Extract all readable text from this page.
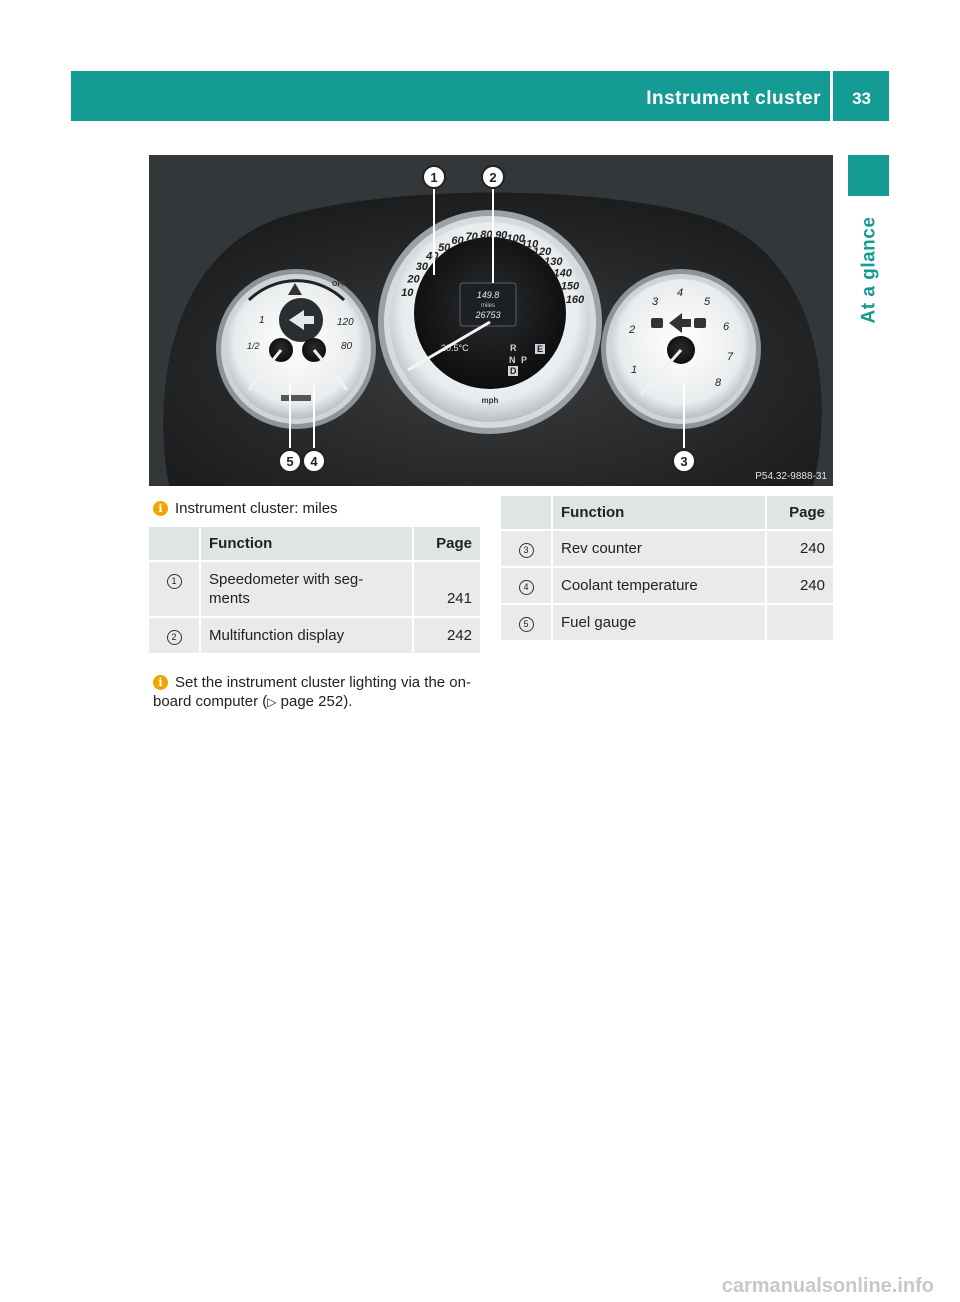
Instrument cluster 33
At a glance
OFF
1
1/2
120
80
1
2
3
4
5
6
7
8
10
20
30
40
50
60 70 80 90 100
110
120
130
140
150
160
149.8
miles
26753
20.5°C	R
N P
D
E
mph
1	2
3
4
5
P54.32-9888-31
i Instrument cluster: miles
	Function	Page
1	Speedometer with seg-
ments	241
2	Multifunction display	242
	Function	Page
3	Rev counter	240
4	Coolant temperature	240
5	Fuel gauge	
i Set the instrument cluster lighting via the on-board computer (▷ page 252).
carmanualsonline.info
